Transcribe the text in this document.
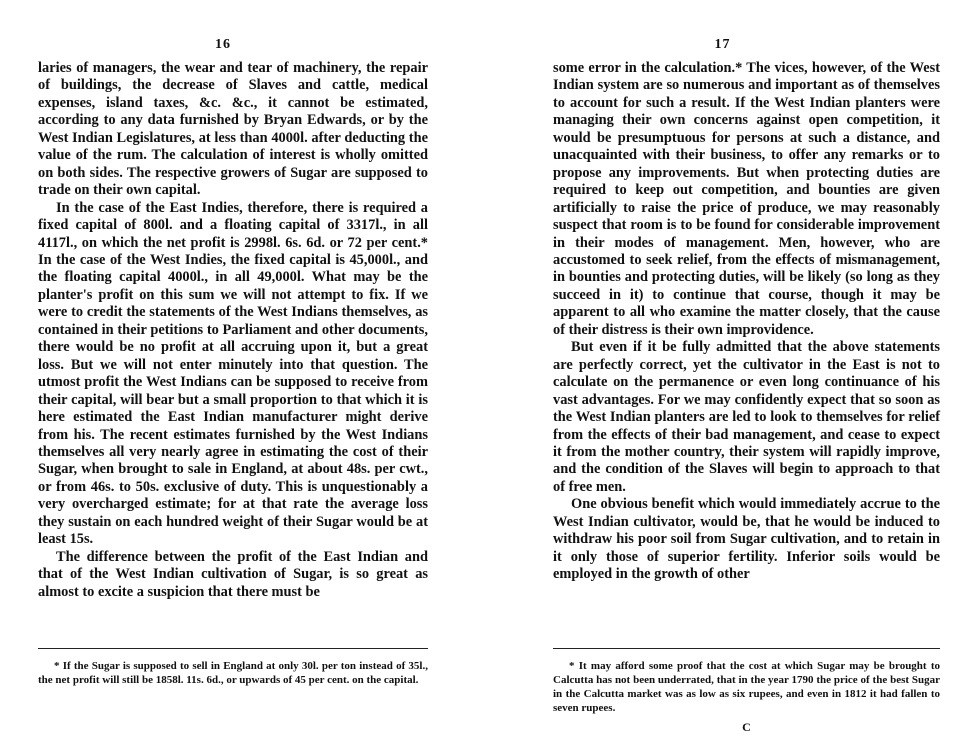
16

laries of managers, the wear and tear of machinery, the repair of buildings, the decrease of Slaves and cattle, medical expenses, island taxes, &c. &c., it cannot be estimated, according to any data furnished by Bryan Edwards, or by the West Indian Legislatures, at less than 4000l. after deducting the value of the rum. The calculation of interest is wholly omitted on both sides. The respective growers of Sugar are supposed to trade on their own capital.

In the case of the East Indies, therefore, there is required a fixed capital of 800l. and a floating capital of 3317l., in all 4117l., on which the net profit is 2998l. 6s. 6d. or 72 per cent.* In the case of the West Indies, the fixed capital is 45,000l., and the floating capital 4000l., in all 49,000l. What may be the planter's profit on this sum we will not attempt to fix. If we were to credit the statements of the West Indians themselves, as contained in their petitions to Parliament and other documents, there would be no profit at all accruing upon it, but a great loss. But we will not enter minutely into that question. The utmost profit the West Indians can be supposed to receive from their capital, will bear but a small proportion to that which it is here estimated the East Indian manufacturer might derive from his. The recent estimates furnished by the West Indians themselves all very nearly agree in estimating the cost of their Sugar, when brought to sale in England, at about 48s. per cwt., or from 46s. to 50s. exclusive of duty. This is unquestionably a very overcharged estimate; for at that rate the average loss they sustain on each hundred weight of their Sugar would be at least 15s.

The difference between the profit of the East Indian and that of the West Indian cultivation of Sugar, is so great as almost to excite a suspicion that there must be

* If the Sugar is supposed to sell in England at only 30l. per ton instead of 35l., the net profit will still be 1858l. 11s. 6d., or upwards of 45 per cent. on the capital.

17

some error in the calculation.* The vices, however, of the West Indian system are so numerous and important as of themselves to account for such a result. If the West Indian planters were managing their own concerns against open competition, it would be presumptuous for persons at such a distance, and unacquainted with their business, to offer any remarks or to propose any improvements. But when protecting duties are required to keep out competition, and bounties are given artificially to raise the price of produce, we may reasonably suspect that room is to be found for considerable improvement in their modes of management. Men, however, who are accustomed to seek relief, from the effects of mismanagement, in bounties and protecting duties, will be likely (so long as they succeed in it) to continue that course, though it may be apparent to all who examine the matter closely, that the cause of their distress is their own improvidence.

But even if it be fully admitted that the above statements are perfectly correct, yet the cultivator in the East is not to calculate on the permanence or even long continuance of his vast advantages. For we may confidently expect that so soon as the West Indian planters are led to look to themselves for relief from the effects of their bad management, and cease to expect it from the mother country, their system will rapidly improve, and the condition of the Slaves will begin to approach to that of free men.

One obvious benefit which would immediately accrue to the West Indian cultivator, would be, that he would be induced to withdraw his poor soil from Sugar cultivation, and to retain in it only those of superior fertility. Inferior soils would be employed in the growth of other

* It may afford some proof that the cost at which Sugar may be brought to Calcutta has not been underrated, that in the year 1790 the price of the best Sugar in the Calcutta market was as low as six rupees, and even in 1812 it had fallen to seven rupees.

C
